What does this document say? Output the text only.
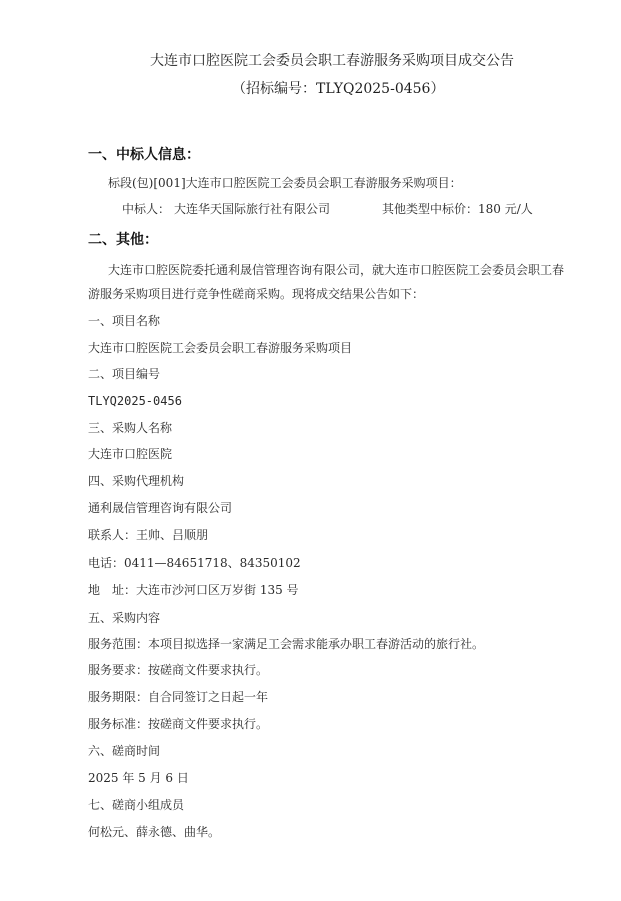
大连市口腔医院工会委员会职工春游服务采购项目成交公告
（招标编号：TLYQ2025-0456）
一、中标人信息：
标段(包)[001]大连市口腔医院工会委员会职工春游服务采购项目：
中标人： 大连华天国际旅行社有限公司	其他类型中标价：180 元/人
二、其他：
大连市口腔医院委托通利晟信管理咨询有限公司，就大连市口腔医院工会委员会职工春
游服务采购项目进行竞争性磋商采购。现将成交结果公告如下：
一、项目名称
大连市口腔医院工会委员会职工春游服务采购项目
二、项目编号
TLYQ2025-0456
三、采购人名称
大连市口腔医院
四、采购代理机构
通利晟信管理咨询有限公司
联系人：王帅、吕顺朋
电话：0411—84651718、84350102
地　址：大连市沙河口区万岁街 135 号
五、采购内容
服务范围：本项目拟选择一家满足工会需求能承办职工春游活动的旅行社。
服务要求：按磋商文件要求执行。
服务期限：自合同签订之日起一年
服务标准：按磋商文件要求执行。
六、磋商时间
2025 年 5 月 6 日
七、磋商小组成员
何松元、薛永德、曲华。
